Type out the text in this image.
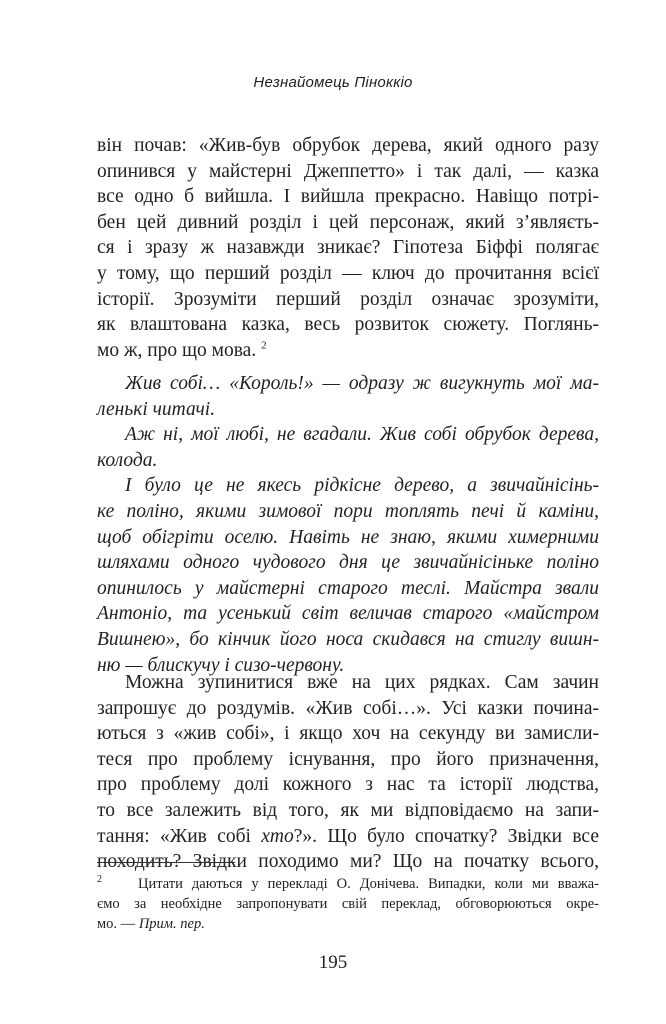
Незнайомець Піноккіо
він почав: «Жив-був обрубок дерева, який одного разу
опинився у майстерні Джеппетто» і так далі, — казка
все одно б вийшла. І вийшла прекрасно. Навіщо потрі-
бен цей дивний розділ і цей персонаж, який з’являєть-
ся і зразу ж назавжди зникає? Гіпотеза Біффі полягає
у тому, що перший розділ — ключ до прочитання всієї
історії. Зрозуміти перший розділ означає зрозуміти,
як влаштована казка, весь розвиток сюжету. Поглянь-
мо ж, про що мова. $^2$
Жив собі… «Король!» — одразу ж вигукнуть мої ма-
ленькі читачі.
Аж ні, мої любі, не вгадали. Жив собі обрубок дерева,
колода.
І було це не якесь рідкісне дерево, а звичайнісінь-
ке поліно, якими зимової пори топлять печі й каміни,
щоб обігріти оселю. Навіть не знаю, якими химерними
шляхами одного чудового дня це звичайнісіньке поліно
опинилось у майстерні старого теслі. Майстра звали
Антоніо, та усенький світ величав старого «майстром
Вишнею», бо кінчик його носа скидався на стиглу вишн-
ню — блискучу і сизо-червону.
Можна зупинитися вже на цих рядках. Сам зачин
запрошує до роздумів. «Жив собі…». Усі казки почина-
ються з «жив собі», і якщо хоч на секунду ви замисли-
теся про проблему існування, про його призначення,
про проблему долі кожного з нас та історії людства,
то все залежить від того, як ми відповідаємо на запи-
тання: «Жив собі хто?». Що було спочатку? Звідки все
походить? Звідки походимо ми? Що на початку всього,
$^2$ Цитати даються у перекладі О. Донічева. Випадки, коли ми вважа-
ємо за необхідне запропонувати свій переклад, обговорюються окре-
мо. — Прим. пер.
195
